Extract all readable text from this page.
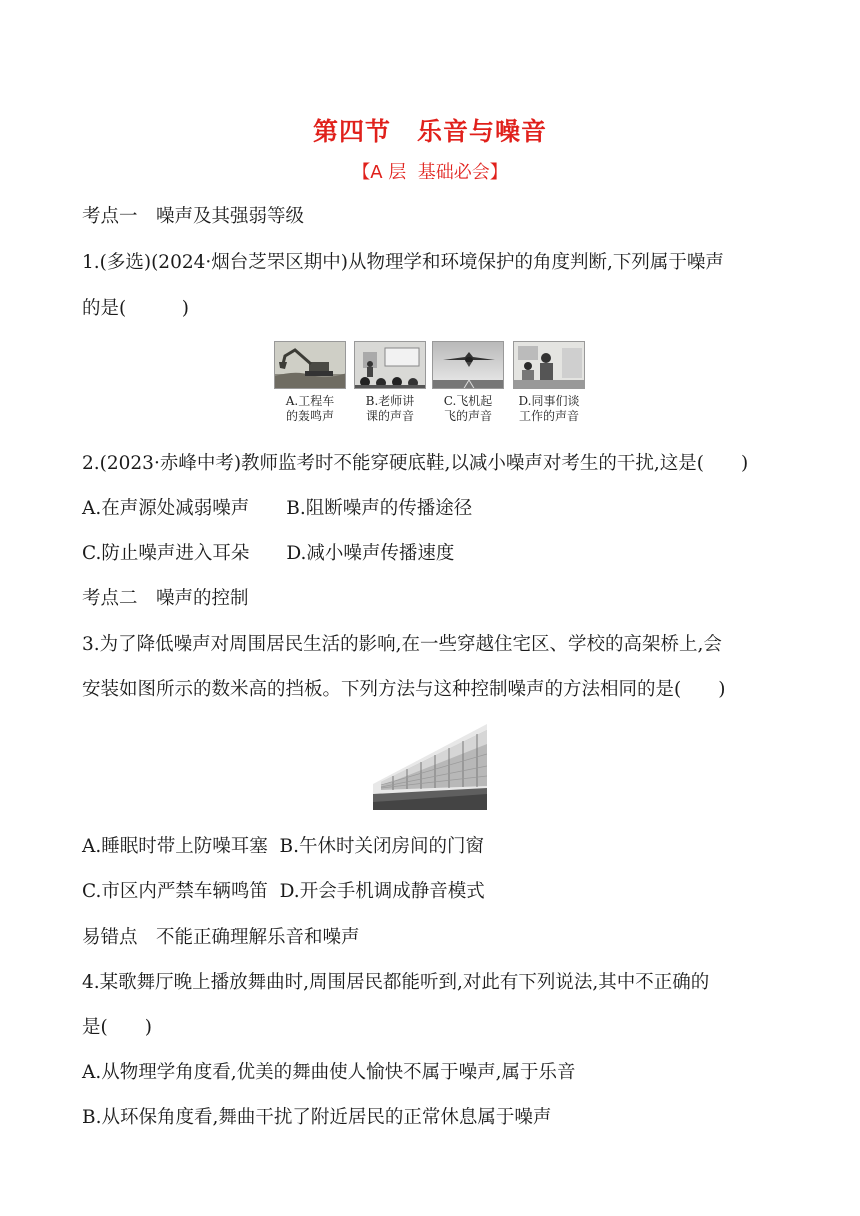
第四节　乐音与噪音
【A 层  基础必会】
考点一　噪声及其强弱等级
1.(多选)(2024·烟台芝罘区期中)从物理学和环境保护的角度判断,下列属于噪声
的是(　　　)
A.工程车
的轰鸣声
B.老师讲
课的声音
C.飞机起
飞的声音
D.同事们谈
工作的声音
2.(2023·赤峰中考)教师监考时不能穿硬底鞋,以减小噪声对考生的干扰,这是(　　)
A.在声源处减弱噪声　　B.阻断噪声的传播途径
C.防止噪声进入耳朵　　D.减小噪声传播速度
考点二　噪声的控制
3.为了降低噪声对周围居民生活的影响,在一些穿越住宅区、学校的高架桥上,会
安装如图所示的数米高的挡板。下列方法与这种控制噪声的方法相同的是(　　)
A.睡眠时带上防噪耳塞  B.午休时关闭房间的门窗
C.市区内严禁车辆鸣笛  D.开会手机调成静音模式
易错点　不能正确理解乐音和噪声
4.某歌舞厅晚上播放舞曲时,周围居民都能听到,对此有下列说法,其中不正确的
是(　　)
A.从物理学角度看,优美的舞曲使人愉快不属于噪声,属于乐音
B.从环保角度看,舞曲干扰了附近居民的正常休息属于噪声
